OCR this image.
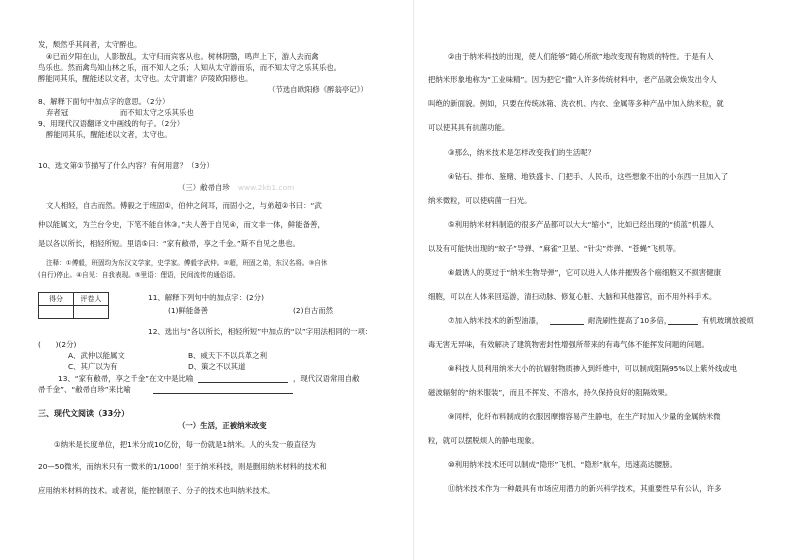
发，颓然乎其间者，太守醉也。
④已而夕阳在山，人影散乱，太守归而宾客从也。树林阴翳，鸣声上下，游人去而禽
鸟乐也。然而禽鸟知山林之乐，而不知人之乐；人知从太守游而乐，而不知太守之乐其乐也。
醉能同其乐，醒能述以文者，太守也。太守谓谁？庐陵欧阳修也。
（节选自欧阳修《醉翁亭记》）
8、解释下面句中加点字的意思。（2分）
弃者冠　　　　　　　而不知太守之乐其乐也
9、用现代汉语翻译文中画线的句子。（2分）
醉能同其乐，醒能述以文者，太守也。
10、选文第①节描写了什么内容？有何用意？（3分）
（三）敝帚自珍 www.2kb1.com
文人相轻，自古而然。傅毅之于班固①，伯仲之间耳，而固小之，与弟超②书曰：“武
仲以能属文，为兰台令史，下笔不能自休③。”夫人善于自见④，而文非一体，鲜能备善，
是以各以所长，相轻所短。里语⑤曰：“家有敝帚，享之千金。”斯不自见之患也。
注释：①傅毅，班固均为东汉文学家，史学家。傅毅字武仲。②超，班固之弟，东汉名将。③自休
(自行)停止。④自见：自我表现。⑤里语：俚语，民间流传的通俗语。
得分	评卷人
		11、解释下列句中的加点字：(2分)
(1)鲜能备善	(2)自古而然
12、选出与“各以所长，相轻所短”中加点的“以”字用法相同的一项：
(　　)(2分)
A、武仲以能属文	B、威天下不以兵革之利
C、其广以为有	D、策之不以其道
13、“家有敝帚，享之千金”在文中是比喻	，现代汉语常用自敝
帚千金”、“敝帚自珍”来比喻
三、现代文阅读（33分）
（一）生活，正被纳米改变
①纳米是长度单位，把1米分成10亿份，每一份就是1纳米。人的头发一般直径为
20—50微米，而纳米只有一微米的1/1000！至于纳米科技，则是删用纳米材料的技术和
应用纳米材料的技术。或者说，能控制原子、分子的技术也叫纳米技术。
②由于纳米科技的出现，使人们能够“随心所欲”地改变现有物质的特性。于是有人
把纳米形象地称为“工业味精”。因为把它“撒”入许多传统材料中，老产品就会焕发出令人
叫绝的新面貌。例如，只要在传统冰箱、洗衣机、内衣、金属等多种产品中加入纳米粒，就
可以使其具有抗菌功能。
③那么，纳米技术是怎样改变我们的生活呢？
④钻石、排布、鉴赌、地铁盛卡、门把手、人民币，这些想象不出的小东西一旦加入了
纳米微粒，可以使病菌一扫光。
⑤利用纳米材料制造的很多产品都可以大大“缩小”，比如已经出现的“侦蓝”机器人
以及有可能快出现的“蚊子”导弹、“麻雀”卫星、“针尖”炸弹、“苍蝇”飞机等。
⑥最诱人的莫过于“纳米生物导弹”，它可以进入人体并摧毁各个癌细胞又不损害健康
细胞，可以在人体来回巡游，清扫动脉、修复心脏、大脑和其他器官，而不用外科手术。
⑦加入纳米技术的新型油漆，	耐洗刷性提高了10多倍，	有机玻璃放被烦
毒无害无异味，有效解决了建筑物密封性增强所带来的有毒气体不能挥发问题的问题。
⑧科技人员利用纳米大小的抗辐射物质掺入到纤维中，可以制成阻隔95%以上紫外线或电
磁波辐射的“纳米服装”，而且不挥发、不溶水，持久保持良好的阻隔效果。
⑨同样，化纤布料制成的衣服因摩擦容易产生静电，在生产时加入少量的金属纳米微
粒，就可以摆脱烦人的静电现象。
⑩利用纳米技术还可以制成“隐形”飞机、“隐形”航车，迅速高达腰膀。
⑪纳米技术作为一种最具有市场应用潜力的新兴科学技术，其重要性早有公认，许多
